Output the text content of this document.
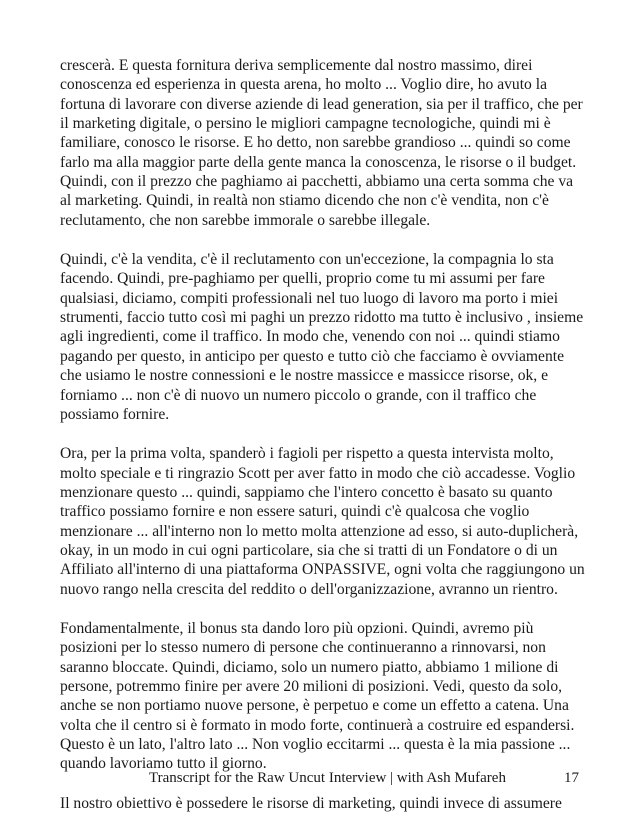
crescerà. E questa fornitura deriva semplicemente dal nostro massimo, direi conoscenza ed esperienza in questa arena, ho molto ... Voglio dire, ho avuto la fortuna di lavorare con diverse aziende di lead generation, sia per il traffico, che per il marketing digitale, o persino le migliori campagne tecnologiche, quindi mi è familiare, conosco le risorse. E ho detto, non sarebbe grandioso ... quindi so come farlo ma alla maggior parte della gente manca la conoscenza, le risorse o il budget. Quindi, con il prezzo che paghiamo ai pacchetti, abbiamo una certa somma che va al marketing. Quindi, in realtà non stiamo dicendo che non c'è vendita, non c'è reclutamento, che non sarebbe immorale o sarebbe illegale.

Quindi, c'è la vendita, c'è il reclutamento con un'eccezione, la compagnia lo sta facendo. Quindi, pre-paghiamo per quelli, proprio come tu mi assumi per fare qualsiasi, diciamo, compiti professionali nel tuo luogo di lavoro ma porto i miei strumenti, faccio tutto così mi paghi un prezzo ridotto ma tutto è inclusivo , insieme agli ingredienti, come il traffico. In modo che, venendo con noi ... quindi stiamo pagando per questo, in anticipo per questo e tutto ciò che facciamo è ovviamente che usiamo le nostre connessioni e le nostre massicce e massicce risorse, ok, e forniamo ... non c'è di nuovo un numero piccolo o grande, con il traffico che possiamo fornire.

Ora, per la prima volta, spanderò i fagioli per rispetto a questa intervista molto, molto speciale e ti ringrazio Scott per aver fatto in modo che ciò accadesse. Voglio menzionare questo ... quindi, sappiamo che l'intero concetto è basato su quanto traffico possiamo fornire e non essere saturi, quindi c'è qualcosa che voglio menzionare ... all'interno non lo metto molta attenzione ad esso, si auto-duplicherà, okay, in un modo in cui ogni particolare, sia che si tratti di un Fondatore o di un Affiliato all'interno di una piattaforma ONPASSIVE, ogni volta che raggiungono un nuovo rango nella crescita del reddito o dell'organizzazione, avranno un rientro.

Fondamentalmente, il bonus sta dando loro più opzioni. Quindi, avremo più posizioni per lo stesso numero di persone che continueranno a rinnovarsi, non saranno bloccate. Quindi, diciamo, solo un numero piatto, abbiamo 1 milione di persone, potremmo finire per avere 20 milioni di posizioni. Vedi, questo da solo, anche se non portiamo nuove persone, è perpetuo e come un effetto a catena. Una volta che il centro si è formato in modo forte, continuerà a costruire ed espandersi. Questo è un lato, l'altro lato ... Non voglio eccitarmi ... questa è la mia passione ... quando lavoriamo tutto il giorno.

Il nostro obiettivo è possedere le risorse di marketing, quindi invece di assumere

Transcript for the Raw Uncut Interview | with Ash Mufareh	17
